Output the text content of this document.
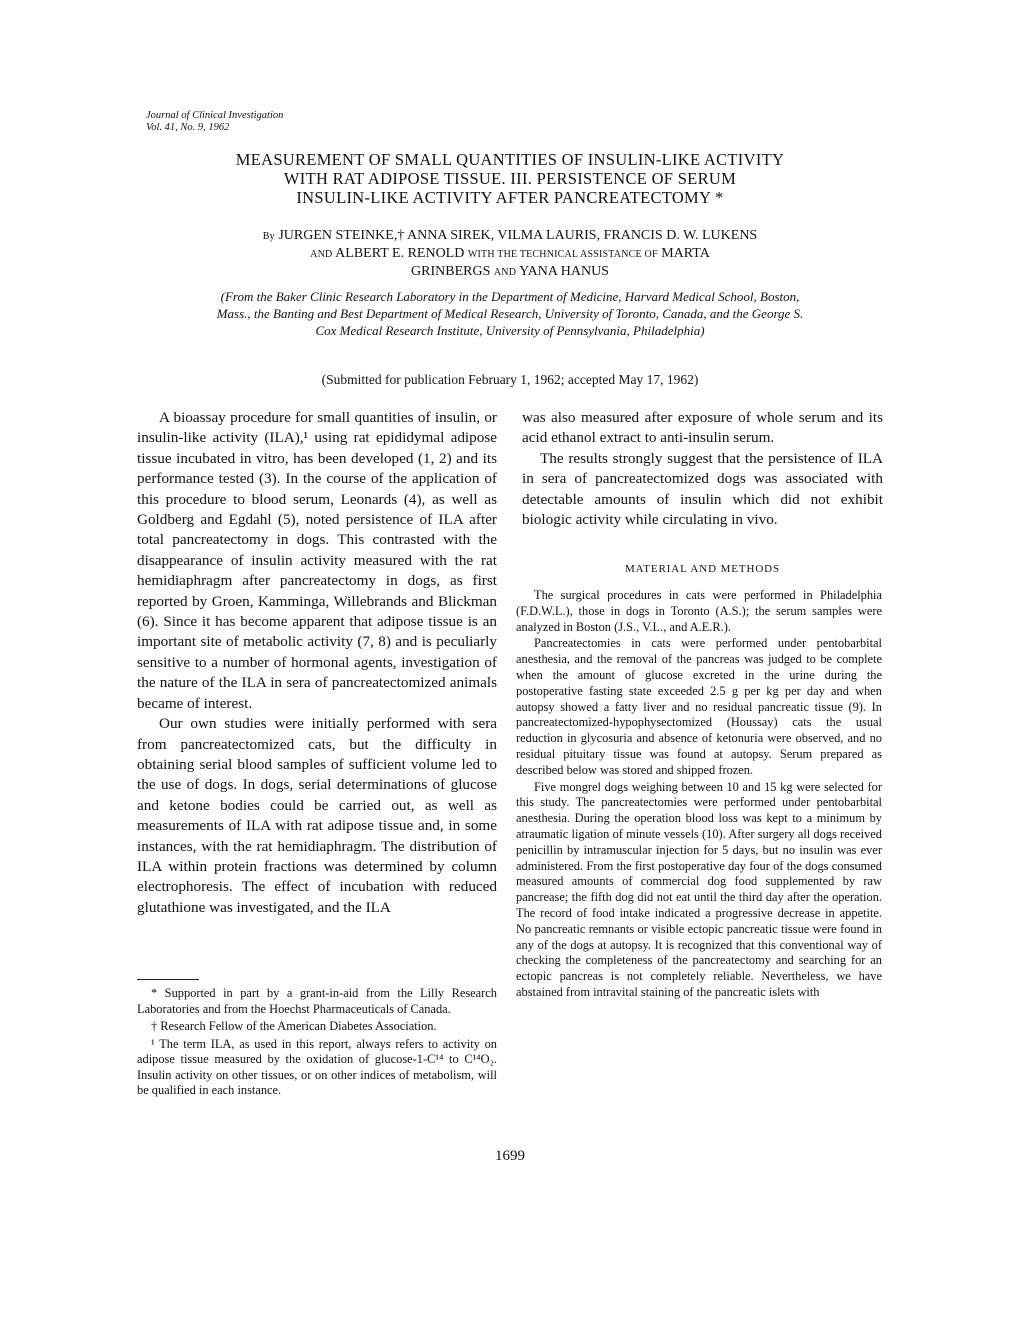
Journal of Clinical Investigation
Vol. 41, No. 9, 1962
MEASUREMENT OF SMALL QUANTITIES OF INSULIN-LIKE ACTIVITY
WITH RAT ADIPOSE TISSUE. III. PERSISTENCE OF SERUM
INSULIN-LIKE ACTIVITY AFTER PANCREATECTOMY *
By JURGEN STEINKE,† ANNA SIREK, VILMA LAURIS, FRANCIS D. W. LUKENS
AND ALBERT E. RENOLD WITH THE TECHNICAL ASSISTANCE OF MARTA
GRINBERGS AND YANA HANUS
(From the Baker Clinic Research Laboratory in the Department of Medicine, Harvard Medical School, Boston, Mass., the Banting and Best Department of Medical Research, University of Toronto, Canada, and the George S. Cox Medical Research Institute, University of Pennsylvania, Philadelphia)
(Submitted for publication February 1, 1962; accepted May 17, 1962)

A bioassay procedure for small quantities of insulin, or insulin-like activity (ILA),¹ using rat epididymal adipose tissue incubated in vitro, has been developed (1, 2) and its performance tested (3). In the course of the application of this procedure to blood serum, Leonards (4), as well as Goldberg and Egdahl (5), noted persistence of ILA after total pancreatectomy in dogs. This contrasted with the disappearance of insulin activity measured with the rat hemidiaphragm after pancreatectomy in dogs, as first reported by Groen, Kamminga, Willebrands and Blickman (6). Since it has become apparent that adipose tissue is an important site of metabolic activity (7, 8) and is peculiarly sensitive to a number of hormonal agents, investigation of the nature of the ILA in sera of pancreatectomized animals became of interest.

Our own studies were initially performed with sera from pancreatectomized cats, but the difficulty in obtaining serial blood samples of sufficient volume led to the use of dogs. In dogs, serial determinations of glucose and ketone bodies could be carried out, as well as measurements of ILA with rat adipose tissue and, in some instances, with the rat hemidiaphragm. The distribution of ILA within protein fractions was determined by column electrophoresis. The effect of incubation with reduced glutathione was investigated, and the ILA

* Supported in part by a grant-in-aid from the Lilly Research Laboratories and from the Hoechst Pharmaceuticals of Canada.

† Research Fellow of the American Diabetes Association.

¹ The term ILA, as used in this report, always refers to activity on adipose tissue measured by the oxidation of glucose-1-C¹⁴ to C¹⁴O₂. Insulin activity on other tissues, or on other indices of metabolism, will be qualified in each instance.

was also measured after exposure of whole serum and its acid ethanol extract to anti-insulin serum.

The results strongly suggest that the persistence of ILA in sera of pancreatectomized dogs was associated with detectable amounts of insulin which did not exhibit biologic activity while circulating in vivo.

MATERIAL AND METHODS

The surgical procedures in cats were performed in Philadelphia (F.D.W.L.), those in dogs in Toronto (A.S.); the serum samples were analyzed in Boston (J.S., V.L., and A.E.R.).

Pancreatectomies in cats were performed under pentobarbital anesthesia, and the removal of the pancreas was judged to be complete when the amount of glucose excreted in the urine during the postoperative fasting state exceeded 2.5 g per kg per day and when autopsy showed a fatty liver and no residual pancreatic tissue (9). In pancreatectomized-hypophysectomized (Houssay) cats the usual reduction in glycosuria and absence of ketonuria were observed, and no residual pituitary tissue was found at autopsy. Serum prepared as described below was stored and shipped frozen.

Five mongrel dogs weighing between 10 and 15 kg were selected for this study. The pancreatectomies were performed under pentobarbital anesthesia. During the operation blood loss was kept to a minimum by atraumatic ligation of minute vessels (10). After surgery all dogs received penicillin by intramuscular injection for 5 days, but no insulin was ever administered. From the first postoperative day four of the dogs consumed measured amounts of commercial dog food supplemented by raw pancrease; the fifth dog did not eat until the third day after the operation. The record of food intake indicated a progressive decrease in appetite. No pancreatic remnants or visible ectopic pancreatic tissue were found in any of the dogs at autopsy. It is recognized that this conventional way of checking the completeness of the pancreatectomy and searching for an ectopic pancreas is not completely reliable. Nevertheless, we have abstained from intravital staining of the pancreatic islets with

1699
